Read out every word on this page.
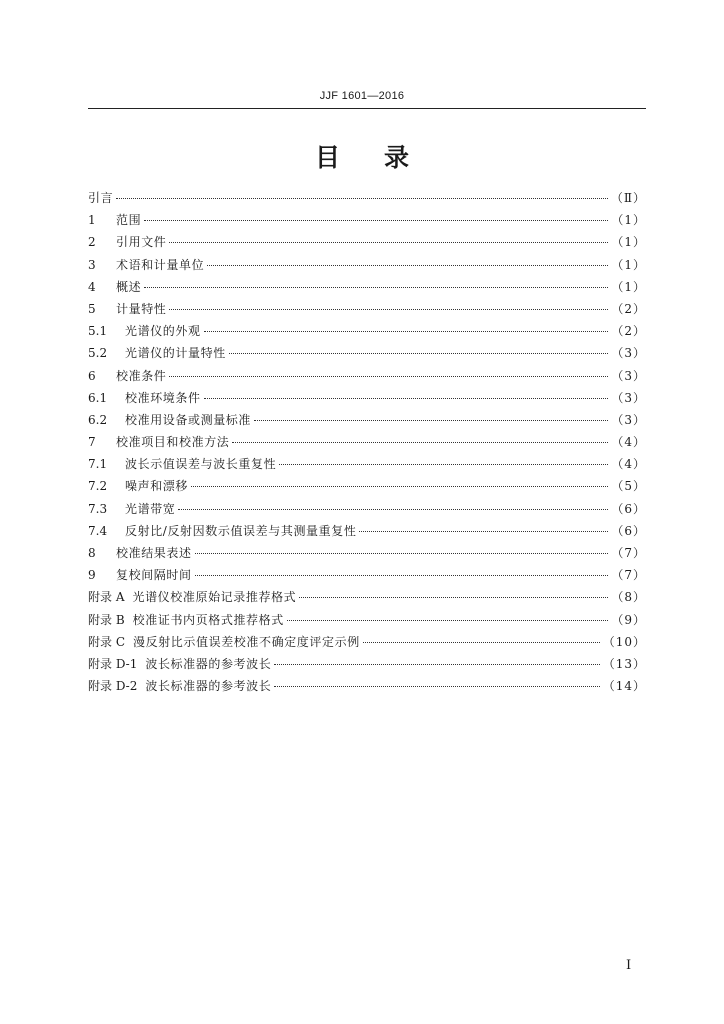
JJF 1601—2016
目录
引言	（Ⅱ）
1	范围	（1）
2	引用文件	（1）
3	术语和计量单位	（1）
4	概述	（1）
5	计量特性	（2）
5.1	光谱仪的外观	（2）
5.2	光谱仪的计量特性	（3）
6	校准条件	（3）
6.1	校准环境条件	（3）
6.2	校准用设备或测量标准	（3）
7	校准项目和校准方法	（4）
7.1	波长示值误差与波长重复性	（4）
7.2	噪声和漂移	（5）
7.3	光谱带宽	（6）
7.4	反射比/反射因数示值误差与其测量重复性	（6）
8	校准结果表述	（7）
9	复校间隔时间	（7）
附录 A 光谱仪校准原始记录推荐格式	（8）
附录 B 校准证书内页格式推荐格式	（9）
附录 C 漫反射比示值误差校准不确定度评定示例	（10）
附录 D-1 波长标准器的参考波长	（13）
附录 D-2 波长标准器的参考波长	（14）
I
